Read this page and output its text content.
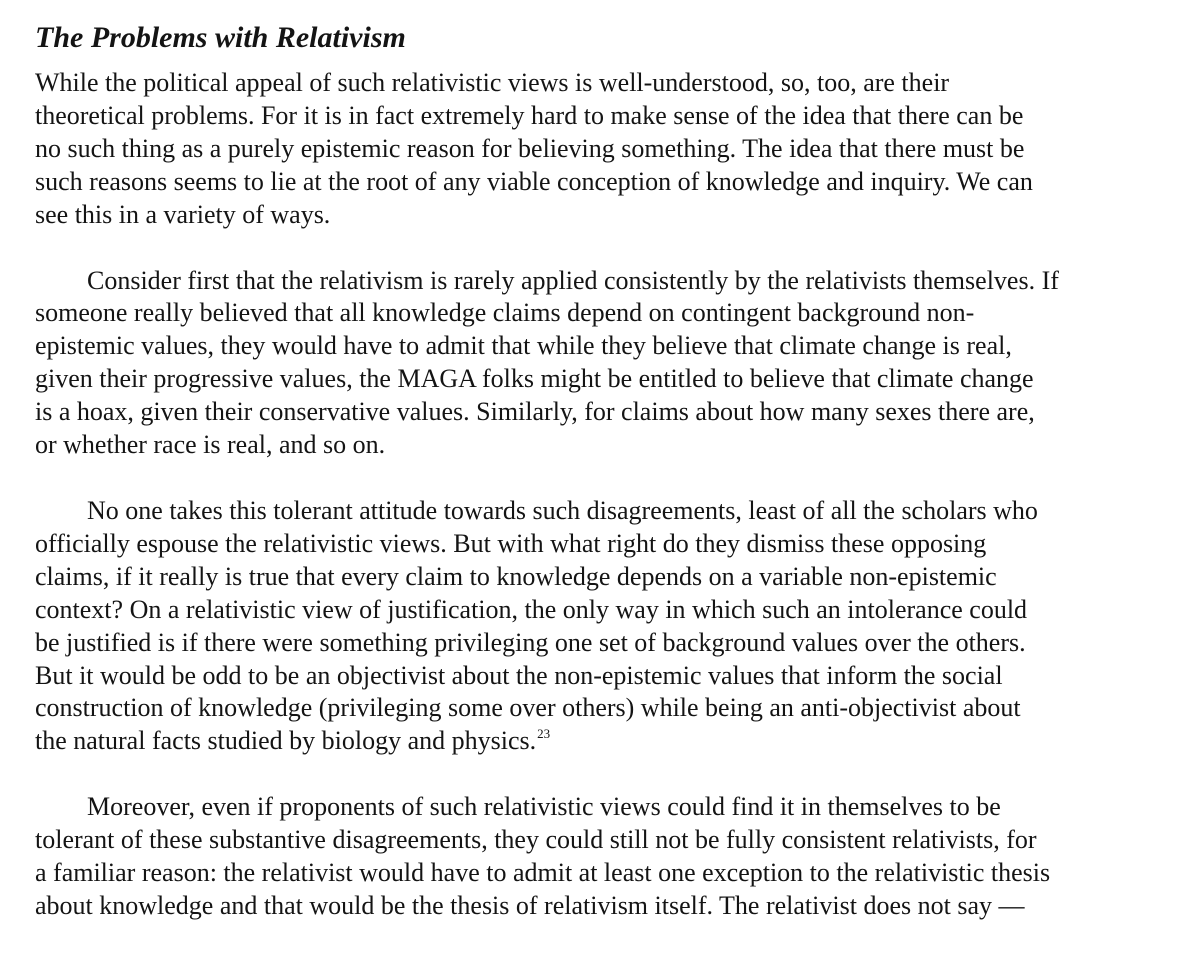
The Problems with Relativism

While the political appeal of such relativistic views is well-understood, so, too, are their
theoretical problems. For it is in fact extremely hard to make sense of the idea that there can be
no such thing as a purely epistemic reason for believing something. The idea that there must be
such reasons seems to lie at the root of any viable conception of knowledge and inquiry. We can
see this in a variety of ways.

Consider first that the relativism is rarely applied consistently by the relativists themselves. If
someone really believed that all knowledge claims depend on contingent background non-
epistemic values, they would have to admit that while they believe that climate change is real,
given their progressive values, the MAGA folks might be entitled to believe that climate change
is a hoax, given their conservative values. Similarly, for claims about how many sexes there are,
or whether race is real, and so on.

No one takes this tolerant attitude towards such disagreements, least of all the scholars who
officially espouse the relativistic views. But with what right do they dismiss these opposing
claims, if it really is true that every claim to knowledge depends on a variable non-epistemic
context? On a relativistic view of justification, the only way in which such an intolerance could
be justified is if there were something privileging one set of background values over the others.
But it would be odd to be an objectivist about the non-epistemic values that inform the social
construction of knowledge (privileging some over others) while being an anti-objectivist about
the natural facts studied by biology and physics.$^{23}$

Moreover, even if proponents of such relativistic views could find it in themselves to be
tolerant of these substantive disagreements, they could still not be fully consistent relativists, for
a familiar reason: the relativist would have to admit at least one exception to the relativistic thesis
about knowledge and that would be the thesis of relativism itself. The relativist does not say —
